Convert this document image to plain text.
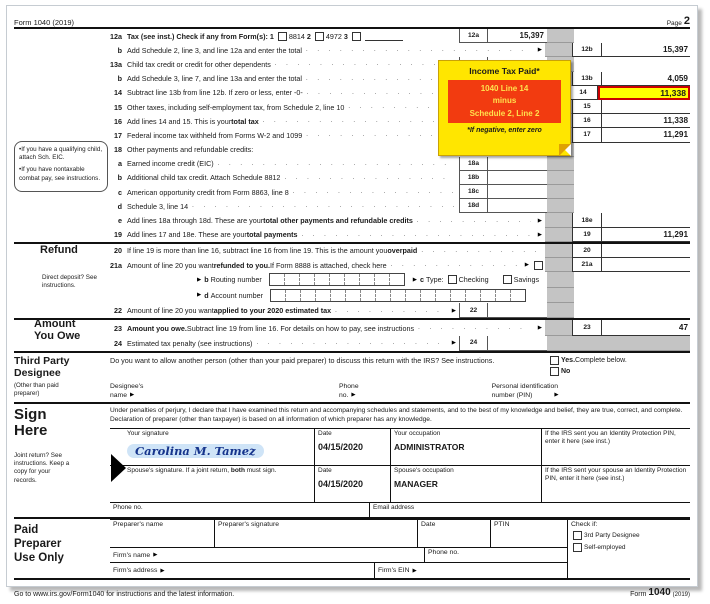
Form 1040 (2019)	Page 2
12a Tax (see inst.) Check if any from Form(s): 1 8814 2 4972 3	12a	15,397
b Add Schedule 2, line 3, and line 12a and enter the total . . . ▶	12b	15,397
13a Child tax credit or credit for other dependents
. . .
b Add Schedule 3, line 7, and line 13a and enter the total . . .	13b	4,059
14 Subtract line 13b from line 12b. If zero or less, enter -0- . . .	14	11,338
15 Other taxes, including self-employment tax, from Schedule 2, line 10 . . .	15
16 Add lines 14 and 15. This is your total tax . . .	16	11,338
17 Federal income tax withheld from Forms W-2 and 1099 . . .	17	11,291
18 Other payments and refundable credits:
a Earned income credit (EIC) . . .	18a
b Additional child tax credit. Attach Schedule 8812 . . .	18b
c American opportunity credit from Form 8863, line 8 . . .	18c
d Schedule 3, line 14 . . .	18d
e Add lines 18a through 18d. These are your total other payments and refundable credits . . . ▶	18e
19 Add lines 17 and 18e. These are your total payments . . . ▶	19	11,291
20 If line 19 is more than line 16, subtract line 16 from line 19. This is the amount you overpaid . . .	20
21a Amount of line 20 you want refunded to you. If Form 8888 is attached, check here . . . ▶	21a
▶
b Routing number ▶	c Type: Checking	Savings
▶
d Account number
22 Amount of line 20 you want applied to your 2020 estimated tax . . . ▶	22
23 Amount you owe. Subtract line 19 from line 16. For details on how to pay, see instructions . . . ▶	23	47
24 Estimated tax penalty (see instructions) . . . ▶	24
• If you have a qualifying child, attach Sch. EIC.
• If you have nontaxable combat pay, see instructions.
Refund
Direct deposit? See instructions.
Amount
You Owe
Income Tax Paid*
1040 Line 14
minus
Schedule 2, Line 2
*If negative, enter zero
Third Party
Designee
(Other than paid preparer)
Do you want to allow another person (other than your paid preparer) to discuss this return with the IRS? See instructions.	Yes. Complete below.
No
Designee's
name
▶
Phone
no.
▶
Personal identification
number (PIN)
▶
Sign
Here
Joint return? See instructions. Keep a copy for your records.
Under penalties of perjury, I declare that I have examined this return and accompanying schedules and statements, and to the best of my knowledge and belief, they are true, correct, and complete. Declaration of preparer (other than taxpayer) is based on all information of which preparer has any knowledge.
Your signature
Carolina M. Tamez
Date
04/15/2020
Your occupation
ADMINISTRATOR
If the IRS sent you an Identity Protection PIN, enter it here (see inst.)
Spouse's signature. If a joint return, both must sign.	Date
04/15/2020
Spouse's occupation
MANAGER
If the IRS sent your spouse an Identity Protection PIN, enter it here (see inst.)
Phone no.	Email address
Paid
Preparer
Use Only
Preparer's name	Preparer's signature	Date	PTIN
Firm's name ▶	Phone no.
Firm's address ▶	Firm's EIN
▶
Check if:
3rd Party Designee
Self-employed
Go to www.irs.gov/Form1040 for instructions and the latest information.	Form 1040 (2019)
